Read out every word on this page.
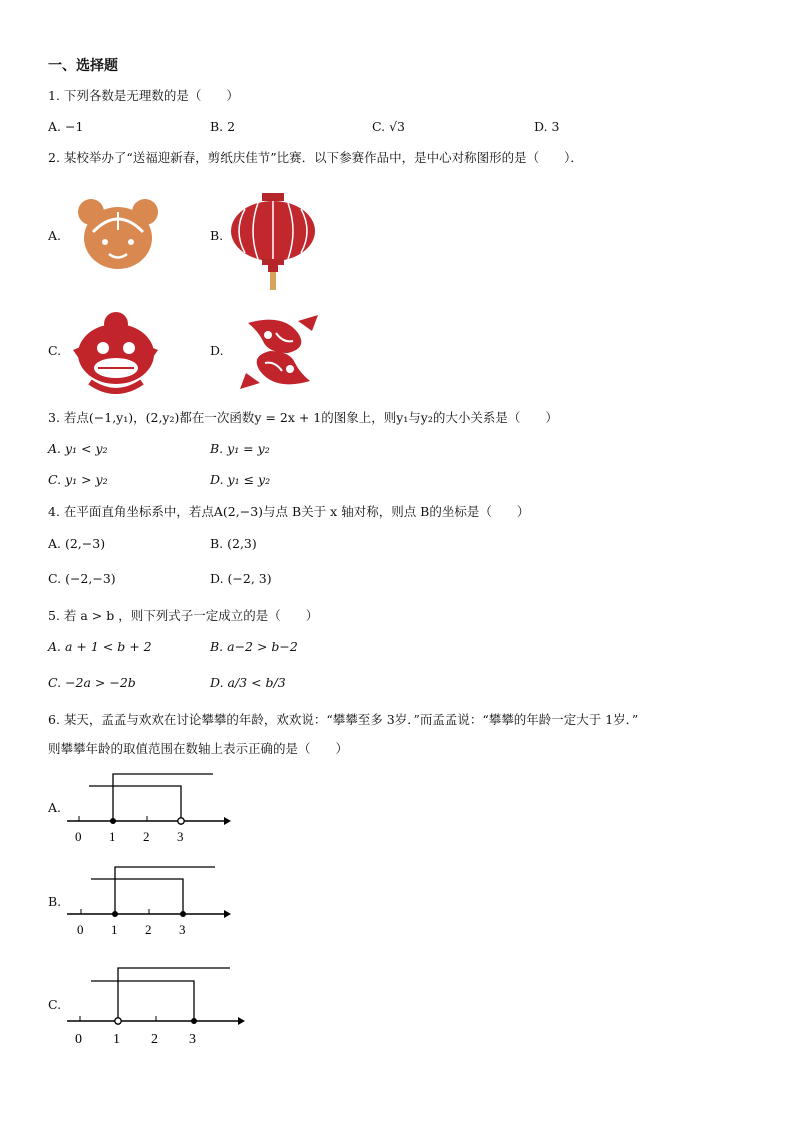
一、选择题
1. 下列各数是无理数的是（　　）
A. −1	B. 2	C. √3	D. 3
2. 某校举办了“送福迎新春，剪纸庆佳节”比赛．以下参赛作品中，是中心对称图形的是（　　）．
A.	B.
C.	D.
3. 若点(−1,y₁)，(2,y₂)都在一次函数y = 2x + 1的图象上，则y₁与y₂的大小关系是（　　）
A. y₁ < y₂	B. y₁ = y₂
C. y₁ > y₂	D. y₁ ≤ y₂
4. 在平面直角坐标系中，若点A(2,−3)与点 B关于 x 轴对称，则点 B的坐标是（　　）
A. (2,−3)	B. (2,3)
C. (−2,−3)	D. (−2, 3)
5. 若 a > b ，则下列式子一定成立的是（　　）
A. a + 1 < b + 2	B. a−2 > b−2
C. −2a > −2b	D. a/3 < b/3
6. 某天，孟孟与欢欢在讨论攀攀的年龄，欢欢说：“攀攀至多 3岁．”而孟孟说：“攀攀的年龄一定大于 1岁．”
则攀攀年龄的取值范围在数轴上表示正确的是（　　）
A.
B.
C.
0 1 2 3
0 1 2 3
0 1 2 3
